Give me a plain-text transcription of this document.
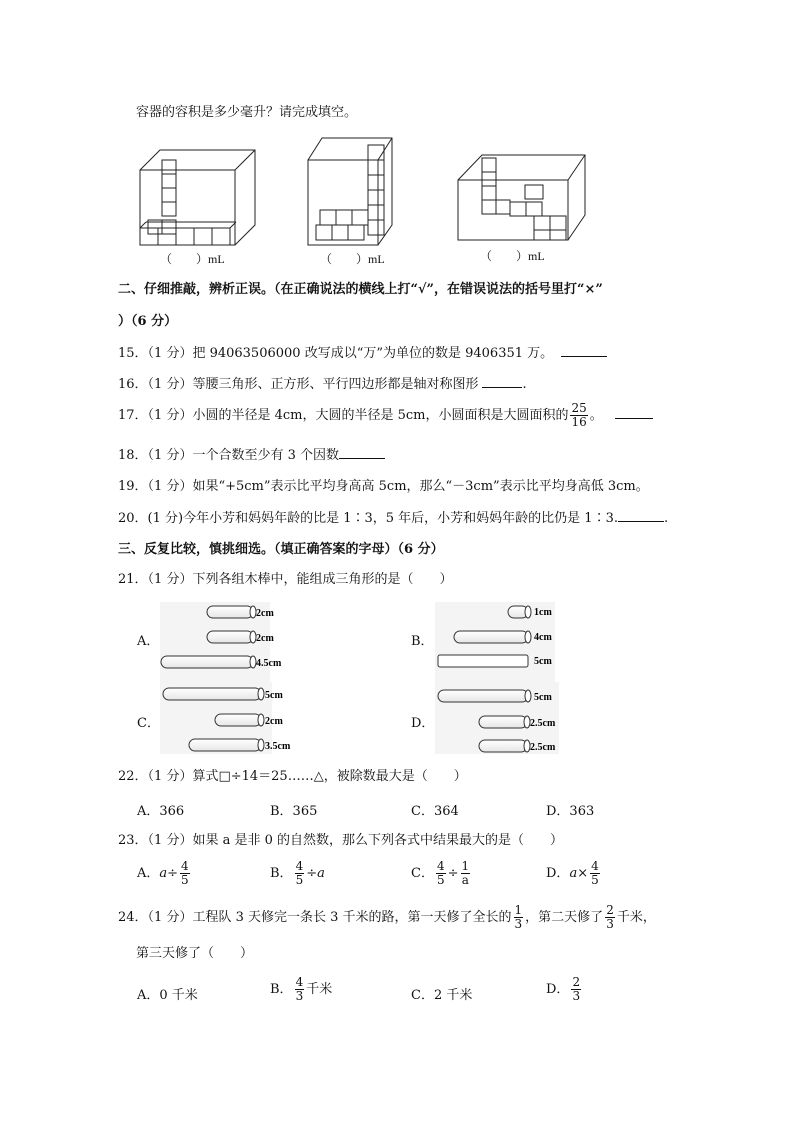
容器的容积是多少毫升？请完成填空。
（　　）mL	（　　）mL	（　　）mL
二、仔细推敲，辨析正误。（在正确说法的横线上打“√”，在错误说法的括号里打“×”
）（6 分）
15．（1 分）把 94063506000 改写成以“万”为单位的数是 9406351 万。
16．（1 分）等腰三角形、正方形、平行四边形都是轴对称图形	.
17．（1 分）小圆的半径是 4cm，大圆的半径是 5cm，小圆面积是大圆面积的 $\frac{25}{16}$ 。
18．（1 分）一个合数至少有 3 个因数
19．（1 分）如果“+5cm”表示比平均身高高 5cm，那么“－3cm”表示比平均身高低 3cm。
20．(1 分)今年小芳和妈妈年龄的比是 1∶3，5 年后，小芳和妈妈年龄的比仍是 1∶3.	.
三、反复比较，慎挑细选。（填正确答案的字母）（6 分）
21．（1 分）下列各组木棒中，能组成三角形的是（　　）
A．	B．
C．	D．
2cm
2cm
4.5cm
1cm
4cm
5cm
5cm
2cm
3.5cm
5cm
2.5cm
2.5cm
22．（1 分）算式□÷14＝25……△，被除数最大是（　　）
A．366	B．365	C．364	D．363
23．（1 分）如果 a 是非 0 的自然数，那么下列各式中结果最大的是（　　）
A．$a\div \frac{4}{5}$	B． $\frac{4}{5} \div a$	C． $\frac{4}{5} \div \frac{1}{a}$	D．$a\times \frac{4}{5}$
24．（1 分）工程队 3 天修完一条长 3 千米的路，第一天修了全长的 $\frac{1}{3}$ ，第二天修了 $\frac{2}{3}$ 千米，
第三天修了（　　）
A．0 千米	B． $\frac{4}{3}$ 千米	C．2 千米	D． $\frac{2}{3}$
